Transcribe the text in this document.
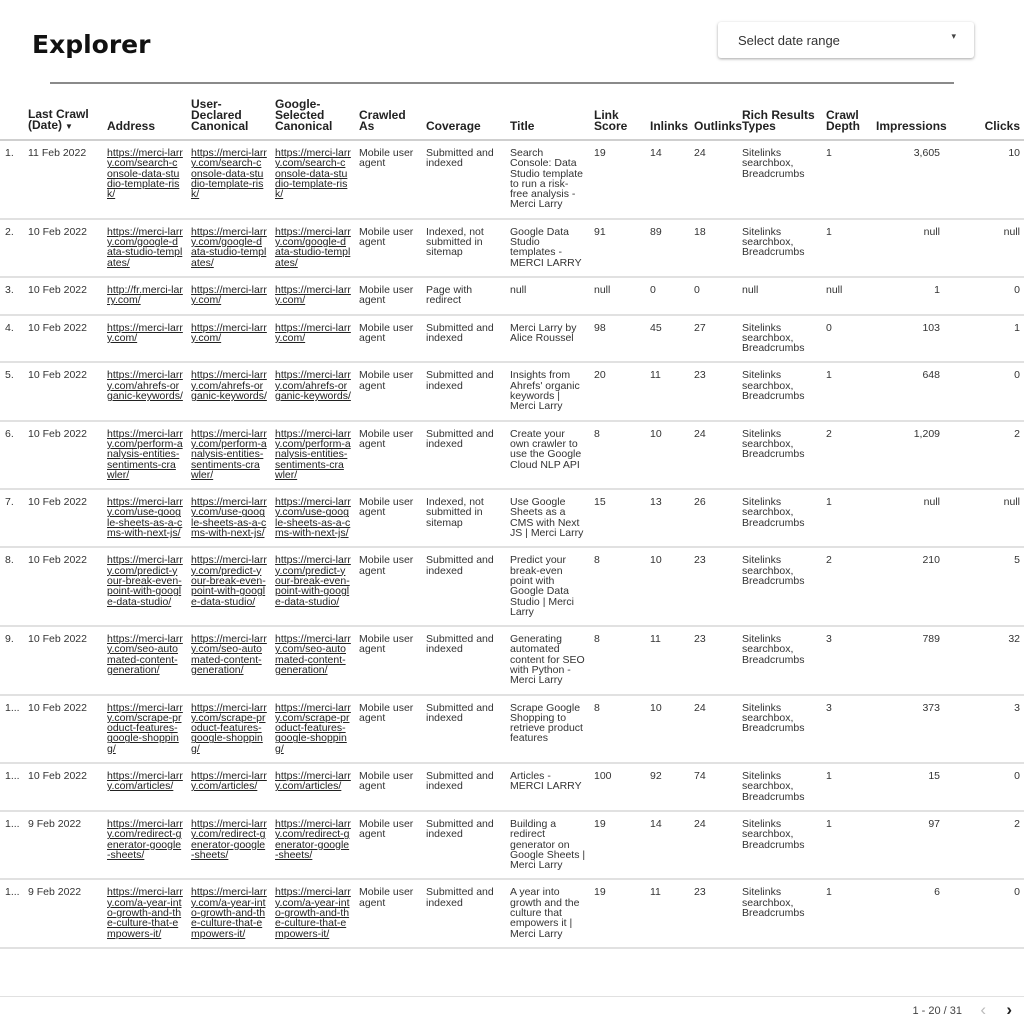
Explorer	Select date range	▾
	Last Crawl (Date) ▼	Address	User-Declared Canonical	Google-Selected Canonical	Crawled As	Coverage	Title	Link Score	Inlinks	Outlinks	Rich Results Types	Crawl Depth	Impressions	Clicks
1.	11 Feb 2022	https://merci-larry.com/search-console-data-studio-template-risk/	https://merci-larry.com/search-console-data-studio-template-risk/	https://merci-larry.com/search-console-data-studio-template-risk/	Mobile user agent	Submitted and indexed	Search Console: Data Studio template to run a risk-free analysis - Merci Larry	19	14	24	Sitelinks searchbox, Breadcrumbs	1	3,605	10
2.	10 Feb 2022	https://merci-larry.com/google-data-studio-templates/	https://merci-larry.com/google-data-studio-templates/	https://merci-larry.com/google-data-studio-templates/	Mobile user agent	Indexed, not submitted in sitemap	Google Data Studio templates - MERCI LARRY	91	89	18	Sitelinks searchbox, Breadcrumbs	1	null	null
3.	10 Feb 2022	http://fr.merci-larry.com/	https://merci-larry.com/	https://merci-larry.com/	Mobile user agent	Page with redirect	null	null	0	0	null	null	1	0
4.	10 Feb 2022	https://merci-larry.com/	https://merci-larry.com/	https://merci-larry.com/	Mobile user agent	Submitted and indexed	Merci Larry by Alice Roussel	98	45	27	Sitelinks searchbox, Breadcrumbs	0	103	1
5.	10 Feb 2022	https://merci-larry.com/ahrefs-organic-keywords/	https://merci-larry.com/ahrefs-organic-keywords/	https://merci-larry.com/ahrefs-organic-keywords/	Mobile user agent	Submitted and indexed	Insights from Ahrefs' organic keywords | Merci Larry	20	11	23	Sitelinks searchbox, Breadcrumbs	1	648	0
6.	10 Feb 2022	https://merci-larry.com/perform-analysis-entities-sentiments-crawler/	https://merci-larry.com/perform-analysis-entities-sentiments-crawler/	https://merci-larry.com/perform-analysis-entities-sentiments-crawler/	Mobile user agent	Submitted and indexed	Create your own crawler to use the Google Cloud NLP API	8	10	24	Sitelinks searchbox, Breadcrumbs	2	1,209	2
7.	10 Feb 2022	https://merci-larry.com/use-google-sheets-as-a-cms-with-next-js/	https://merci-larry.com/use-google-sheets-as-a-cms-with-next-js/	https://merci-larry.com/use-google-sheets-as-a-cms-with-next-js/	Mobile user agent	Indexed, not submitted in sitemap	Use Google Sheets as a CMS with Next JS | Merci Larry	15	13	26	Sitelinks searchbox, Breadcrumbs	1	null	null
8.	10 Feb 2022	https://merci-larry.com/predict-your-break-even-point-with-google-data-studio/	https://merci-larry.com/predict-your-break-even-point-with-google-data-studio/	https://merci-larry.com/predict-your-break-even-point-with-google-data-studio/	Mobile user agent	Submitted and indexed	Predict your break-even point with Google Data Studio | Merci Larry	8	10	23	Sitelinks searchbox, Breadcrumbs	2	210	5
9.	10 Feb 2022	https://merci-larry.com/seo-automated-content-generation/	https://merci-larry.com/seo-automated-content-generation/	https://merci-larry.com/seo-automated-content-generation/	Mobile user agent	Submitted and indexed	Generating automated content for SEO with Python - Merci Larry	8	11	23	Sitelinks searchbox, Breadcrumbs	3	789	32
1...	10 Feb 2022	https://merci-larry.com/scrape-product-features-google-shopping/	https://merci-larry.com/scrape-product-features-google-shopping/	https://merci-larry.com/scrape-product-features-google-shopping/	Mobile user agent	Submitted and indexed	Scrape Google Shopping to retrieve product features	8	10	24	Sitelinks searchbox, Breadcrumbs	3	373	3
1...	10 Feb 2022	https://merci-larry.com/articles/	https://merci-larry.com/articles/	https://merci-larry.com/articles/	Mobile user agent	Submitted and indexed	Articles - MERCI LARRY	100	92	74	Sitelinks searchbox, Breadcrumbs	1	15	0
1...	9 Feb 2022	https://merci-larry.com/redirect-generator-google-sheets/	https://merci-larry.com/redirect-generator-google-sheets/	https://merci-larry.com/redirect-generator-google-sheets/	Mobile user agent	Submitted and indexed	Building a redirect generator on Google Sheets | Merci Larry	19	14	24	Sitelinks searchbox, Breadcrumbs	1	97	2
1...	9 Feb 2022	https://merci-larry.com/a-year-into-growth-and-the-culture-that-empowers-it/	https://merci-larry.com/a-year-into-growth-and-the-culture-that-empowers-it/	https://merci-larry.com/a-year-into-growth-and-the-culture-that-empowers-it/	Mobile user agent	Submitted and indexed	A year into growth and the culture that empowers it | Merci Larry	19	11	23	Sitelinks searchbox, Breadcrumbs	1	6	0
1 - 20 / 31 ‹ ›
